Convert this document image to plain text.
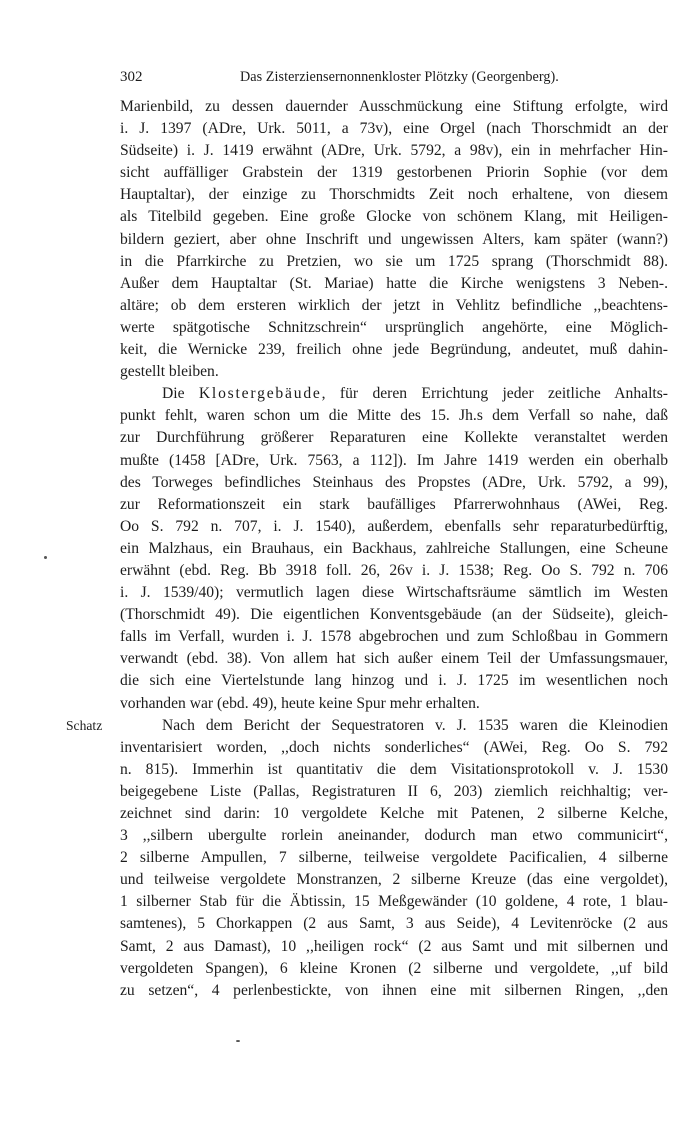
302	Das Zisterziensernonnenkloster Plötzky (Georgenberg).
Marienbild, zu dessen dauernder Ausschmückung eine Stiftung erfolgte, wird
i. J. 1397 (ADre, Urk. 5011, a 73v), eine Orgel (nach Thorschmidt an der
Südseite) i. J. 1419 erwähnt (ADre, Urk. 5792, a 98v), ein in mehrfacher Hin-
sicht auffälliger Grabstein der 1319 gestorbenen Priorin Sophie (vor dem
Hauptaltar), der einzige zu Thorschmidts Zeit noch erhaltene, von diesem
als Titelbild gegeben. Eine große Glocke von schönem Klang, mit Heiligen-
bildern geziert, aber ohne Inschrift und ungewissen Alters, kam später (wann?)
in die Pfarrkirche zu Pretzien, wo sie um 1725 sprang (Thorschmidt 88).
Außer dem Hauptaltar (St. Mariae) hatte die Kirche wenigstens 3 Neben-.
altäre; ob dem ersteren wirklich der jetzt in Vehlitz befindliche ,,beachtens-
werte spätgotische Schnitzschrein“ ursprünglich angehörte, eine Möglich-
keit, die Wernicke 239, freilich ohne jede Begründung, andeutet, muß dahin-
gestellt bleiben.
Die Klostergebäude, für deren Errichtung jeder zeitliche Anhalts-
punkt fehlt, waren schon um die Mitte des 15. Jh.s dem Verfall so nahe, daß
zur Durchführung größerer Reparaturen eine Kollekte veranstaltet werden
mußte (1458 [ADre, Urk. 7563, a 112]). Im Jahre 1419 werden ein oberhalb
des Torweges befindliches Steinhaus des Propstes (ADre, Urk. 5792, a 99),
zur Reformationszeit ein stark baufälliges Pfarrerwohnhaus (AWei, Reg.
Oo S. 792 n. 707, i. J. 1540), außerdem, ebenfalls sehr reparaturbedürftig,
ein Malzhaus, ein Brauhaus, ein Backhaus, zahlreiche Stallungen, eine Scheune
erwähnt (ebd. Reg. Bb 3918 foll. 26, 26v i. J. 1538; Reg. Oo S. 792 n. 706
i. J. 1539/40); vermutlich lagen diese Wirtschaftsräume sämtlich im Westen
(Thorschmidt 49). Die eigentlichen Konventsgebäude (an der Südseite), gleich-
falls im Verfall, wurden i. J. 1578 abgebrochen und zum Schloßbau in Gommern
verwandt (ebd. 38). Von allem hat sich außer einem Teil der Umfassungsmauer,
die sich eine Viertelstunde lang hinzog und i. J. 1725 im wesentlichen noch
vorhanden war (ebd. 49), heute keine Spur mehr erhalten.
Nach dem Bericht der Sequestratoren v. J. 1535 waren die Kleinodien
inventarisiert worden, ,,doch nichts sonderliches“ (AWei, Reg. Oo S. 792
n. 815). Immerhin ist quantitativ die dem Visitationsprotokoll v. J. 1530
beigegebene Liste (Pallas, Registraturen II 6, 203) ziemlich reichhaltig; ver-
zeichnet sind darin: 10 vergoldete Kelche mit Patenen, 2 silberne Kelche,
3 ,,silbern ubergulte rorlein aneinander, dodurch man etwo communicirt“,
2 silberne Ampullen, 7 silberne, teilweise vergoldete Pacificalien, 4 silberne
und teilweise vergoldete Monstranzen, 2 silberne Kreuze (das eine vergoldet),
1 silberner Stab für die Äbtissin, 15 Meßgewänder (10 goldene, 4 rote, 1 blau-
samtenes), 5 Chorkappen (2 aus Samt, 3 aus Seide), 4 Levitenröcke (2 aus
Samt, 2 aus Damast), 10 ,,heiligen rock“ (2 aus Samt und mit silbernen und
vergoldeten Spangen), 6 kleine Kronen (2 silberne und vergoldete, ,,uf bild
zu setzen“, 4 perlenbestickte, von ihnen eine mit silbernen Ringen, ,,den
Schatz
